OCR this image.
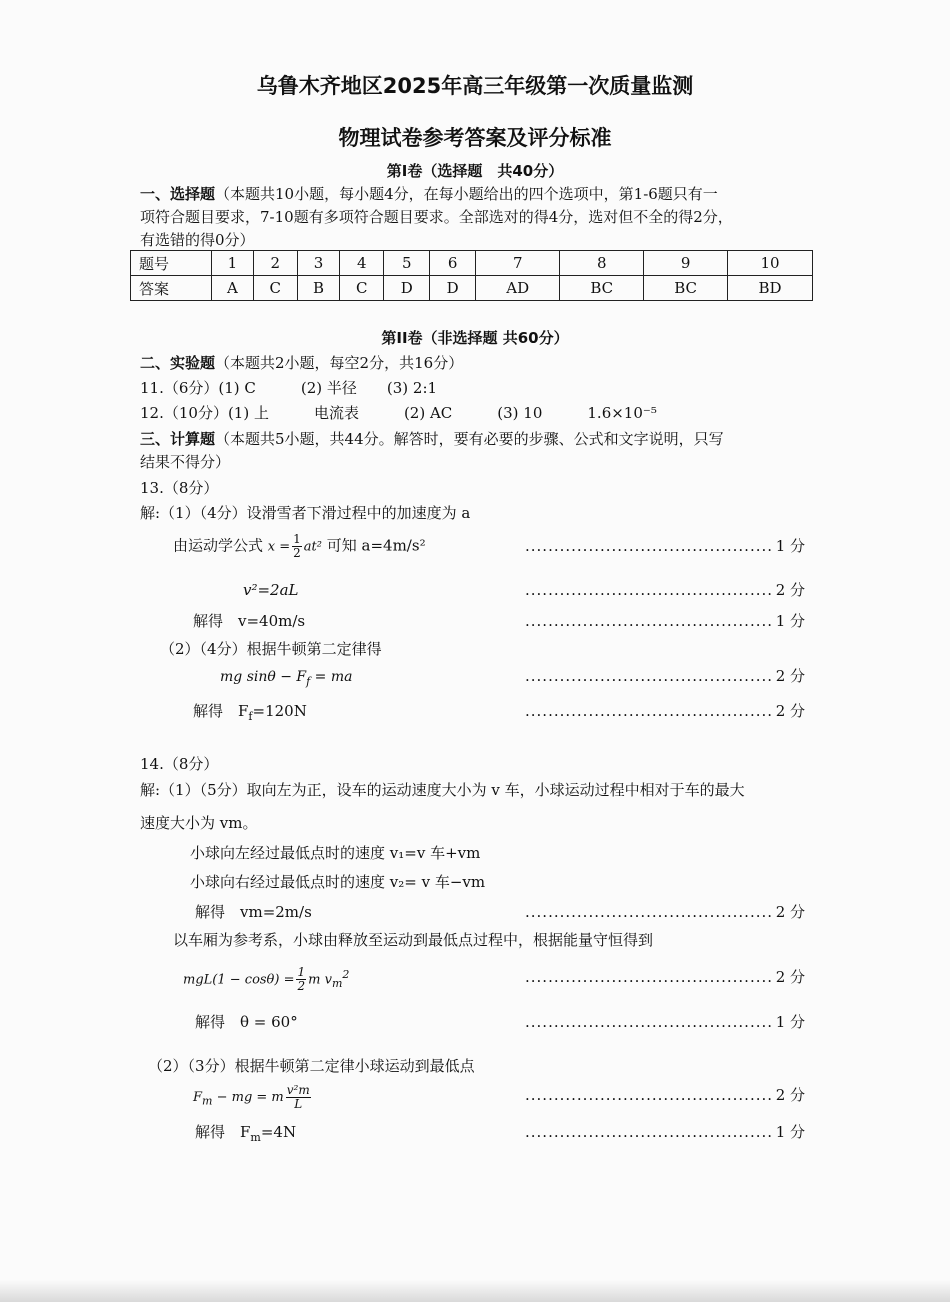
乌鲁木齐地区2025年高三年级第一次质量监测
物理试卷参考答案及评分标准
第I卷（选择题　共40分）
一、选择题（本题共10小题，每小题4分，在每小题给出的四个选项中，第1-6题只有一
项符合题目要求，7-10题有多项符合题目要求。全部选对的得4分，选对但不全的得2分，
有选错的得0分）
题号	1	2	3	4	5	6	7	8	9	10
答案	A	C	B	C	D	D	AD	BC	BC	BD
第II卷（非选择题 共60分）
二、实验题（本题共2小题，每空2分，共16分）
11.（6分）(1) C　　　(2) 半径　　(3) 2:1
12.（10分）(1) 上　　　电流表　　　(2) AC　　　(3) 10　　　1.6×10⁻⁵
三、计算题（本题共5小题，共44分。解答时，要有必要的步骤、公式和文字说明，只写
结果不得分）
13.（8分）
解:（1）（4分）设滑雪者下滑过程中的加速度为 a
由运动学公式 $x = \frac{1}{2} at^2$ 可知 a=4m/s² .....	1 分
v²=2aL .....	2 分
解得　v=40m/s .....	1 分
（2）（4分）根据牛顿第二定律得
mg $\sin\theta - F_f$ = ma .....	2 分
解得　$F_f=120N$ .....	2 分
14.（8分）
解:（1）（5分）取向左为正，设车的运动速度大小为 v 车，小球运动过程中相对于车的最大
速度大小为 vm。
小球向左经过最低点时的速度 v₁=v 车+vm
小球向右经过最低点时的速度 v₂= v 车−vm
解得　vm=2m/s .....	2 分
以车厢为参考系，小球由释放至运动到最低点过程中，根据能量守恒得到
$mgL(1 - \cos\theta) = \frac{1}{2}$ m $v_m^2$ .....	2 分
解得　θ = 60° .....	1 分
（2）（3分）根据牛顿第二定律小球运动到最低点
$F_m$ − mg = m $\frac{\text{v²m}}{L}$ .....	2 分
解得　$F_m=4N$ .....	1 分
